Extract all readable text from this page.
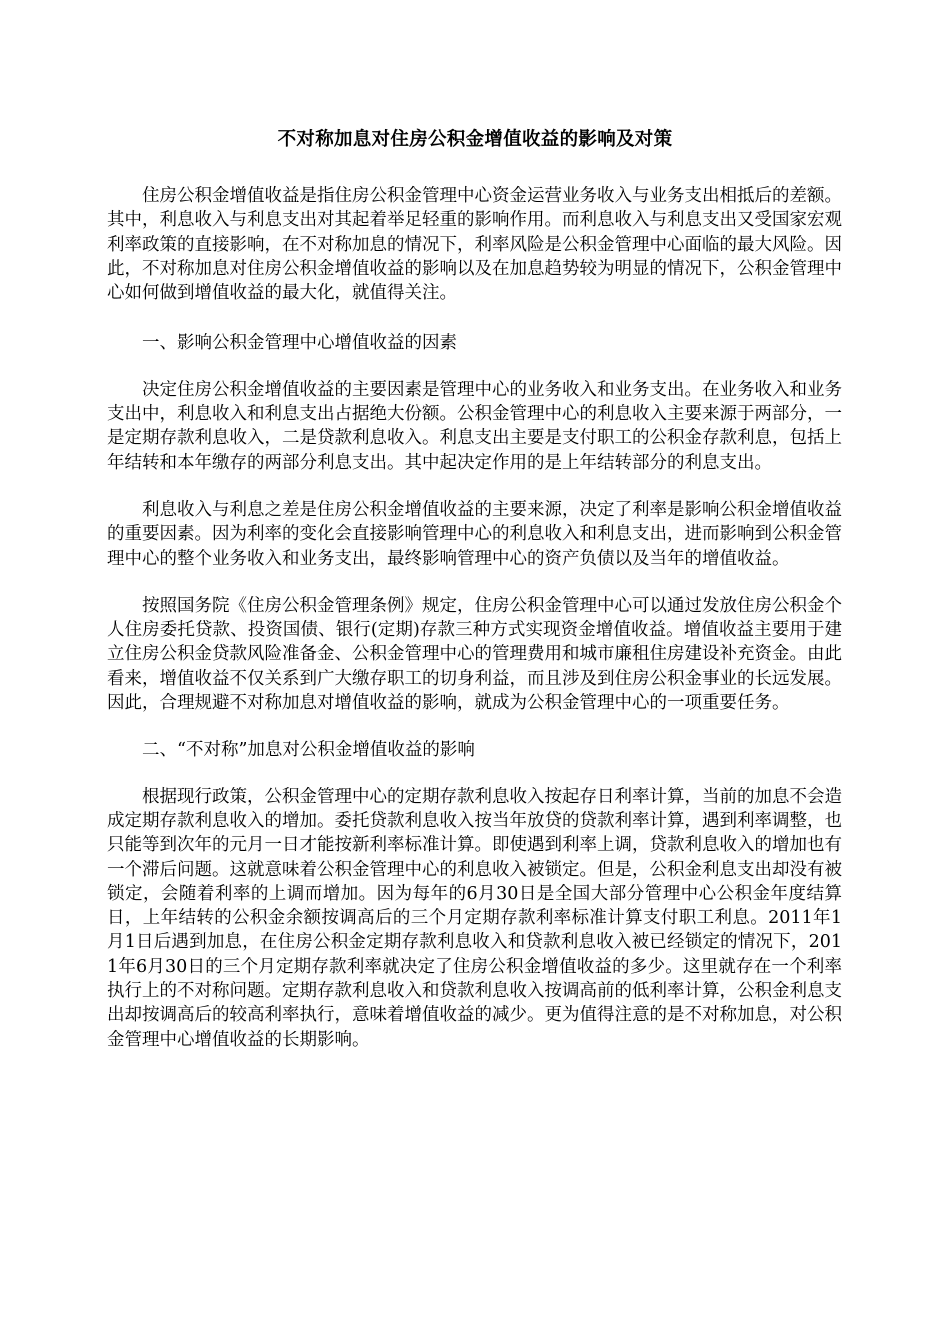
不对称加息对住房公积金增值收益的影响及对策

住房公积金增值收益是指住房公积金管理中心资金运营业务收入与业务支出相抵后的差额。其中，利息收入与利息支出对其起着举足轻重的影响作用。而利息收入与利息支出又受国家宏观利率政策的直接影响，在不对称加息的情况下，利率风险是公积金管理中心面临的最大风险。因此，不对称加息对住房公积金增值收益的影响以及在加息趋势较为明显的情况下，公积金管理中心如何做到增值收益的最大化，就值得关注。

一、影响公积金管理中心增值收益的因素

决定住房公积金增值收益的主要因素是管理中心的业务收入和业务支出。在业务收入和业务支出中，利息收入和利息支出占据绝大份额。公积金管理中心的利息收入主要来源于两部分，一是定期存款利息收入，二是贷款利息收入。利息支出主要是支付职工的公积金存款利息，包括上年结转和本年缴存的两部分利息支出。其中起决定作用的是上年结转部分的利息支出。

利息收入与利息之差是住房公积金增值收益的主要来源，决定了利率是影响公积金增值收益的重要因素。因为利率的变化会直接影响管理中心的利息收入和利息支出，进而影响到公积金管理中心的整个业务收入和业务支出，最终影响管理中心的资产负债以及当年的增值收益。

按照国务院《住房公积金管理条例》规定，住房公积金管理中心可以通过发放住房公积金个人住房委托贷款、投资国债、银行(定期)存款三种方式实现资金增值收益。增值收益主要用于建立住房公积金贷款风险准备金、公积金管理中心的管理费用和城市廉租住房建设补充资金。由此看来，增值收益不仅关系到广大缴存职工的切身利益，而且涉及到住房公积金事业的长远发展。因此，合理规避不对称加息对增值收益的影响，就成为公积金管理中心的一项重要任务。

二、“不对称”加息对公积金增值收益的影响

根据现行政策，公积金管理中心的定期存款利息收入按起存日利率计算，当前的加息不会造成定期存款利息收入的增加。委托贷款利息收入按当年放贷的贷款利率计算，遇到利率调整，也只能等到次年的元月一日才能按新利率标准计算。即使遇到利率上调，贷款利息收入的增加也有一个滞后问题。这就意味着公积金管理中心的利息收入被锁定。但是，公积金利息支出却没有被锁定，会随着利率的上调而增加。因为每年的6月30日是全国大部分管理中心公积金年度结算日，上年结转的公积金余额按调高后的三个月定期存款利率标准计算支付职工利息。2011年1月1日后遇到加息，在住房公积金定期存款利息收入和贷款利息收入被已经锁定的情况下，2011年6月30日的三个月定期存款利率就决定了住房公积金增值收益的多少。这里就存在一个利率执行上的不对称问题。定期存款利息收入和贷款利息收入按调高前的低利率计算，公积金利息支出却按调高后的较高利率执行，意味着增值收益的减少。更为值得注意的是不对称加息，对公积金管理中心增值收益的长期影响。
